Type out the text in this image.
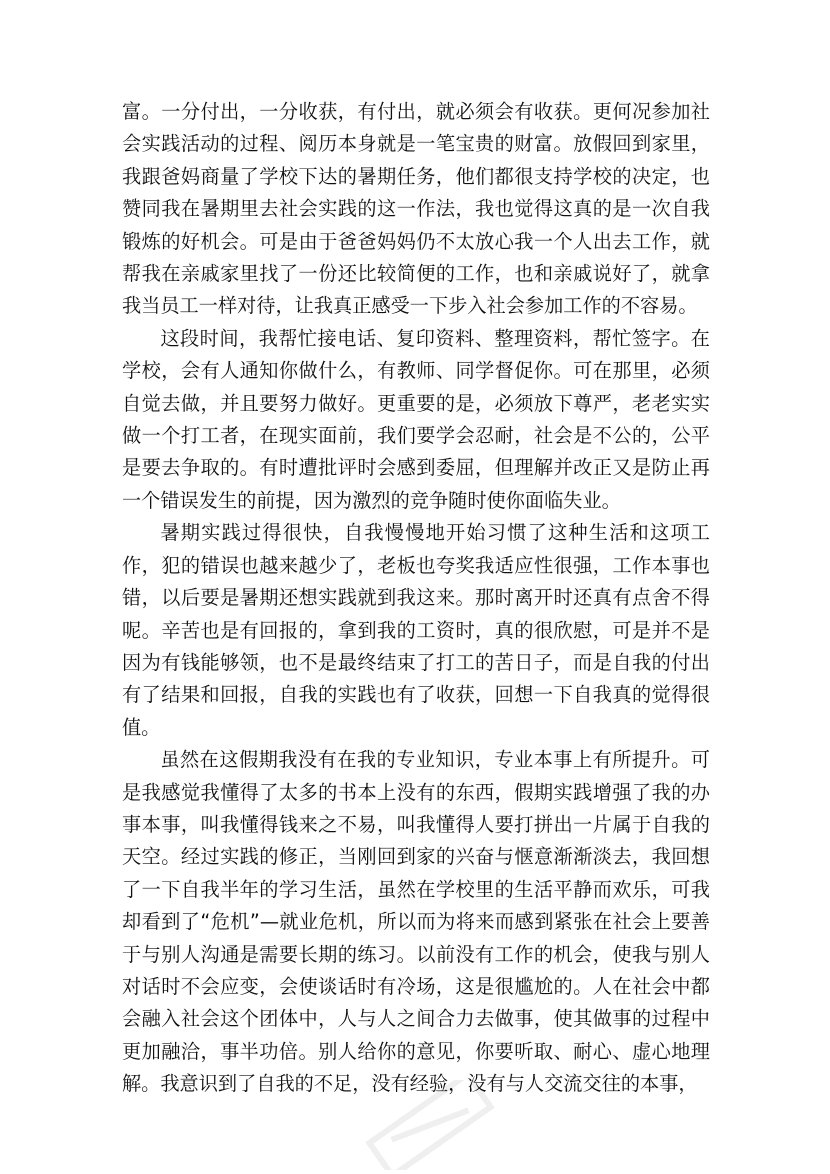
富。一分付出，一分收获，有付出，就必须会有收获。更何况参加社会实践活动的过程、阅历本身就是一笔宝贵的财富。放假回到家里，我跟爸妈商量了学校下达的暑期任务，他们都很支持学校的决定，也赞同我在暑期里去社会实践的这一作法，我也觉得这真的是一次自我锻炼的好机会。可是由于爸爸妈妈仍不太放心我一个人出去工作，就帮我在亲戚家里找了一份还比较简便的工作，也和亲戚说好了，就拿我当员工一样对待，让我真正感受一下步入社会参加工作的不容易。

这段时间，我帮忙接电话、复印资料、整理资料，帮忙签字。在学校，会有人通知你做什么，有教师、同学督促你。可在那里，必须自觉去做，并且要努力做好。更重要的是，必须放下尊严，老老实实做一个打工者，在现实面前，我们要学会忍耐，社会是不公的，公平是要去争取的。有时遭批评时会感到委屈，但理解并改正又是防止再一个错误发生的前提，因为激烈的竞争随时使你面临失业。

暑期实践过得很快，自我慢慢地开始习惯了这种生活和这项工作，犯的错误也越来越少了，老板也夸奖我适应性很强，工作本事也错，以后要是暑期还想实践就到我这来。那时离开时还真有点舍不得呢。辛苦也是有回报的，拿到我的工资时，真的很欣慰，可是并不是因为有钱能够领，也不是最终结束了打工的苦日子，而是自我的付出有了结果和回报，自我的实践也有了收获，回想一下自我真的觉得很值。

虽然在这假期我没有在我的专业知识，专业本事上有所提升。可是我感觉我懂得了太多的书本上没有的东西，假期实践增强了我的办事本事，叫我懂得钱来之不易，叫我懂得人要打拼出一片属于自我的天空。经过实践的修正，当刚回到家的兴奋与惬意渐渐淡去，我回想了一下自我半年的学习生活，虽然在学校里的生活平静而欢乐，可我却看到了“危机”—就业危机，所以而为将来而感到紧张在社会上要善于与别人沟通是需要长期的练习。以前没有工作的机会，使我与别人对话时不会应变，会使谈话时有冷场，这是很尴尬的。人在社会中都会融入社会这个团体中，人与人之间合力去做事，使其做事的过程中更加融洽，事半功倍。别人给你的意见，你要听取、耐心、虚心地理解。我意识到了自我的不足，没有经验，没有与人交流交往的本事，
